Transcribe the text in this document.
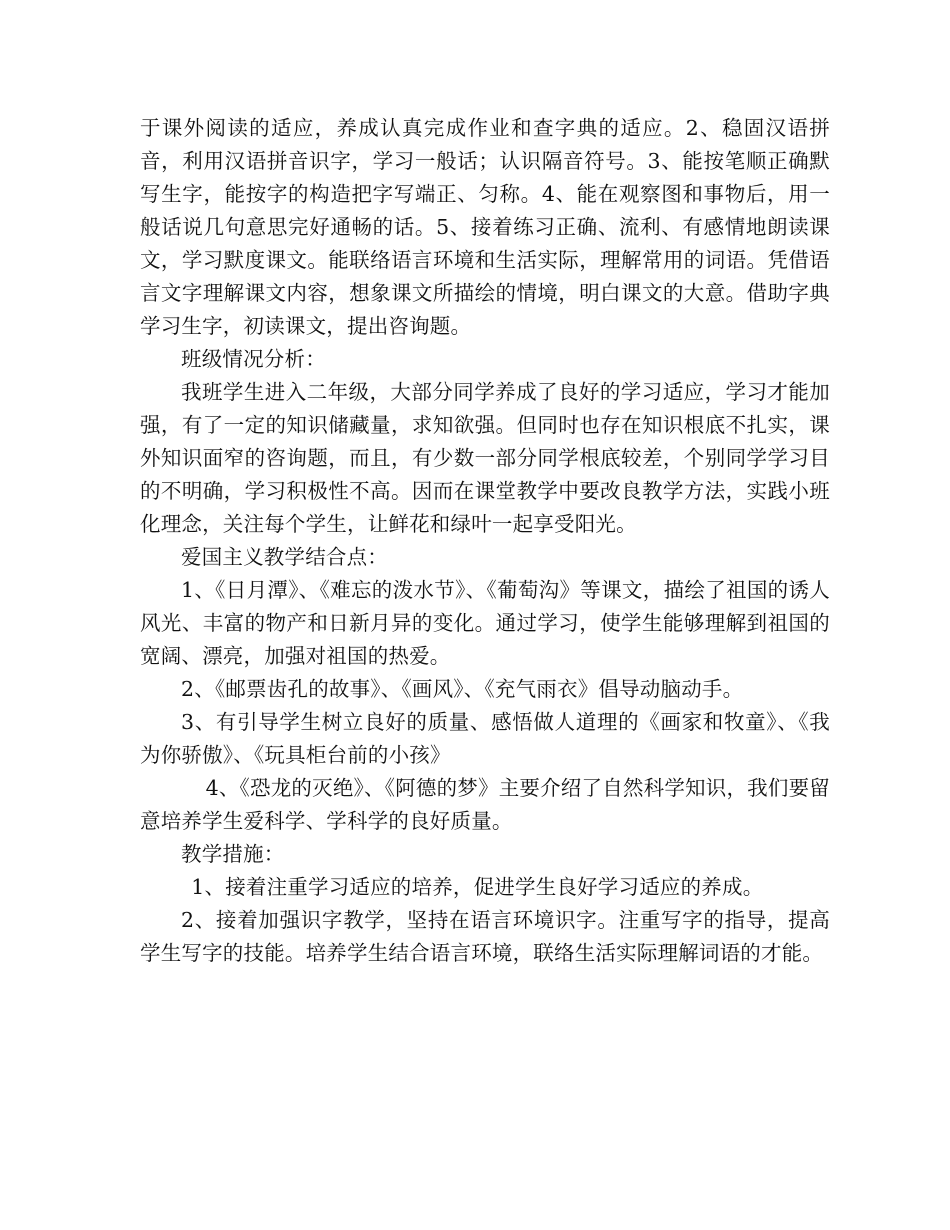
于课外阅读的适应，养成认真完成作业和查字典的适应。2、稳固汉语拼音，利用汉语拼音识字，学习一般话；认识隔音符号。3、能按笔顺正确默写生字，能按字的构造把字写端正、匀称。4、能在观察图和事物后，用一般话说几句意思完好通畅的话。5、接着练习正确、流利、有感情地朗读课文，学习默度课文。能联络语言环境和生活实际，理解常用的词语。凭借语言文字理解课文内容，想象课文所描绘的情境，明白课文的大意。借助字典学习生字，初读课文，提出咨询题。

班级情况分析：

我班学生进入二年级，大部分同学养成了良好的学习适应，学习才能加强，有了一定的知识储藏量，求知欲强。但同时也存在知识根底不扎实，课外知识面窄的咨询题，而且，有少数一部分同学根底较差，个别同学学习目的不明确，学习积极性不高。因而在课堂教学中要改良教学方法，实践小班化理念，关注每个学生，让鲜花和绿叶一起享受阳光。

爱国主义教学结合点：

1、《日月潭》、《难忘的泼水节》、《葡萄沟》等课文，描绘了祖国的诱人风光、丰富的物产和日新月异的变化。通过学习，使学生能够理解到祖国的宽阔、漂亮，加强对祖国的热爱。

2、《邮票齿孔的故事》、《画风》、《充气雨衣》倡导动脑动手。

3、有引导学生树立良好的质量、感悟做人道理的《画家和牧童》、《我为你骄傲》、《玩具柜台前的小孩》

4、《恐龙的灭绝》、《阿德的梦》主要介绍了自然科学知识，我们要留意培养学生爱科学、学科学的良好质量。

教学措施：

1、接着注重学习适应的培养，促进学生良好学习适应的养成。

2、接着加强识字教学，坚持在语言环境识字。注重写字的指导，提高学生写字的技能。培养学生结合语言环境，联络生活实际理解词语的才能。
